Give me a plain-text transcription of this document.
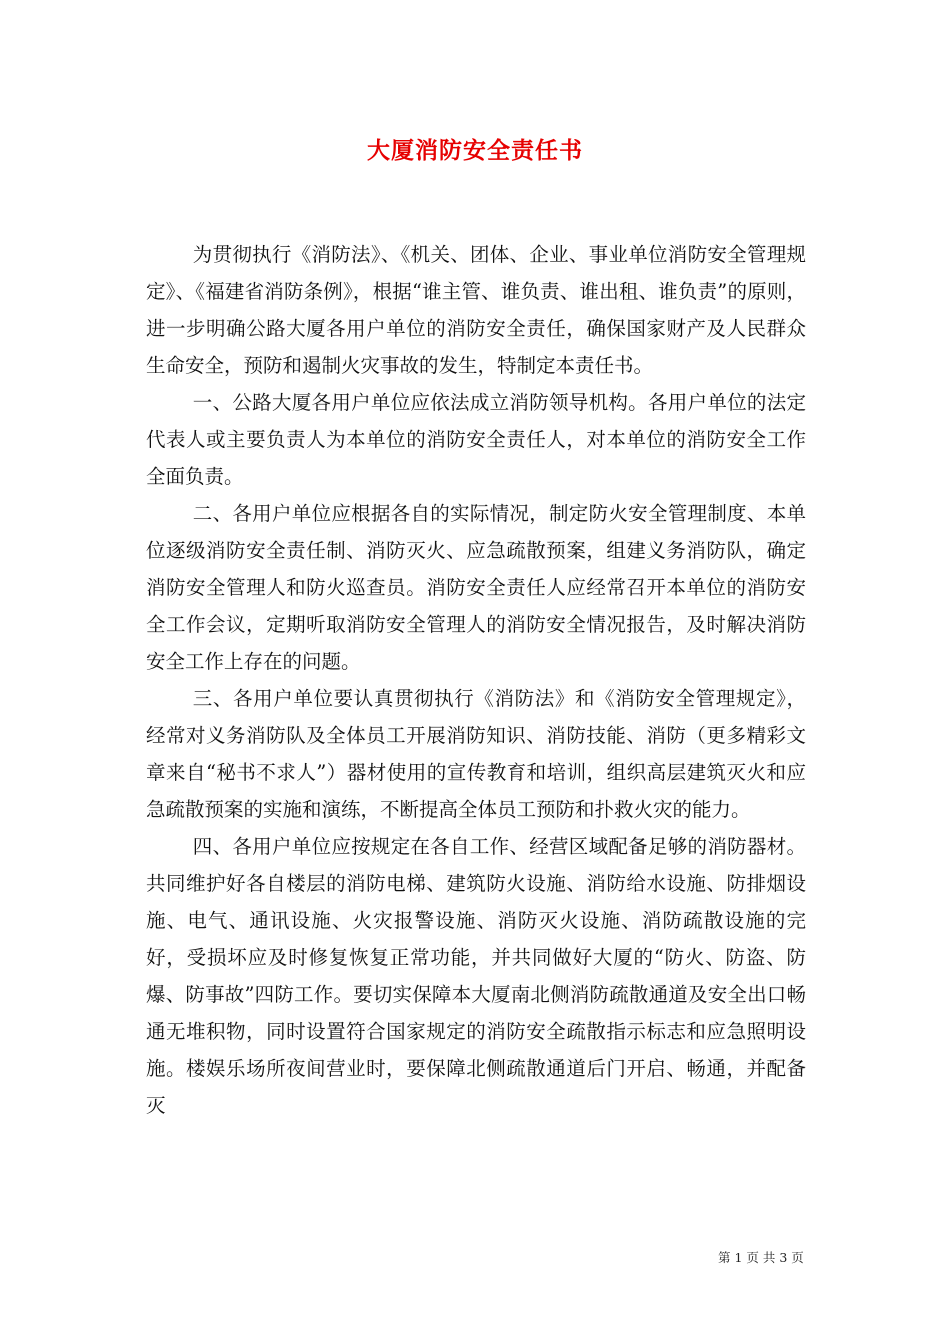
大厦消防安全责任书

为贯彻执行《消防法》、《机关、团体、企业、事业单位消防安全管理规定》、《福建省消防条例》，根据“谁主管、谁负责、谁出租、谁负责”的原则，进一步明确公路大厦各用户单位的消防安全责任，确保国家财产及人民群众生命安全，预防和遏制火灾事故的发生，特制定本责任书。

一、公路大厦各用户单位应依法成立消防领导机构。各用户单位的法定代表人或主要负责人为本单位的消防安全责任人，对本单位的消防安全工作全面负责。

二、各用户单位应根据各自的实际情况，制定防火安全管理制度、本单位逐级消防安全责任制、消防灭火、应急疏散预案，组建义务消防队，确定消防安全管理人和防火巡查员。消防安全责任人应经常召开本单位的消防安全工作会议，定期听取消防安全管理人的消防安全情况报告，及时解决消防安全工作上存在的问题。

三、各用户单位要认真贯彻执行《消防法》和《消防安全管理规定》，经常对义务消防队及全体员工开展消防知识、消防技能、消防（更多精彩文章来自“秘书不求人”）器材使用的宣传教育和培训，组织高层建筑灭火和应急疏散预案的实施和演练，不断提高全体员工预防和扑救火灾的能力。

四、各用户单位应按规定在各自工作、经营区域配备足够的消防器材。共同维护好各自楼层的消防电梯、建筑防火设施、消防给水设施、防排烟设施、电气、通讯设施、火灾报警设施、消防灭火设施、消防疏散设施的完好，受损坏应及时修复恢复正常功能，并共同做好大厦的“防火、防盗、防爆、防事故”四防工作。要切实保障本大厦南北侧消防疏散通道及安全出口畅通无堆积物，同时设置符合国家规定的消防安全疏散指示标志和应急照明设施。楼娱乐场所夜间营业时，要保障北侧疏散通道后门开启、畅通，并配备灭

第 1 页 共 3 页
